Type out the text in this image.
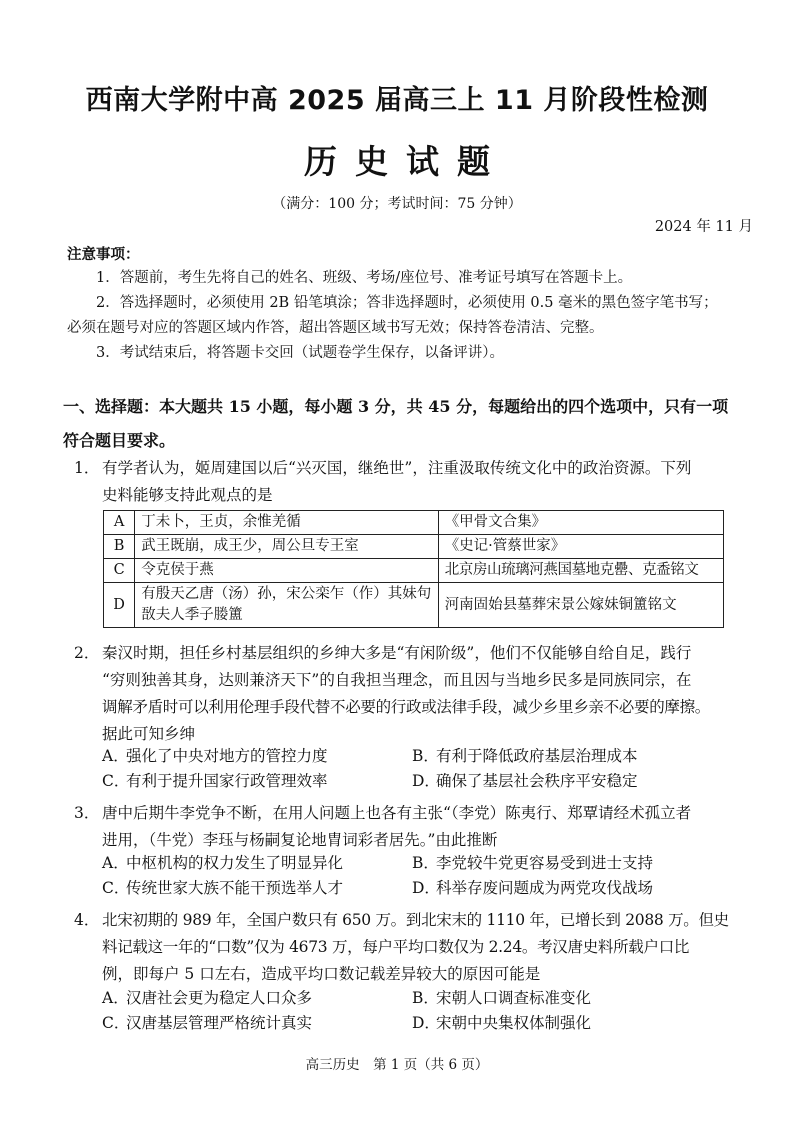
西南大学附中高 2025 届高三上 11 月阶段性检测
历史试题
（满分：100 分；考试时间：75 分钟）
2024 年 11 月
注意事项：
1．答题前，考生先将自己的姓名、班级、考场/座位号、准考证号填写在答题卡上。
2．答选择题时，必须使用 2B 铅笔填涂；答非选择题时，必须使用 0.5 毫米的黑色签字笔书写；必须在题号对应的答题区域内作答，超出答题区域书写无效；保持答卷清洁、完整。
3．考试结束后，将答题卡交回（试题卷学生保存，以备评讲）。
一、选择题：本大题共 15 小题，每小题 3 分，共 45 分，每题给出的四个选项中，只有一项符合题目要求。
1． 有学者认为，姬周建国以后“兴灭国，继绝世”，注重汲取传统文化中的政治资源。下列
史料能够支持此观点的是
A	丁未卜，王贞，余惟羌循	《甲骨文合集》
B	武王既崩，成王少，周公旦专王室	《史记·管蔡世家》
C	令克侯于燕	北京房山琉璃河燕国墓地克罍、克盉铭文
D	有殷天乙唐（汤）孙，宋公栾乍（作）其妹句敔夫人季子媵簠	河南固始县墓葬宋景公嫁妹铜簠铭文
2． 秦汉时期，担任乡村基层组织的乡绅大多是“有闲阶级”，他们不仅能够自给自足，践行
“穷则独善其身，达则兼济天下”的自我担当理念，而且因与当地乡民多是同族同宗，在
调解矛盾时可以利用伦理手段代替不必要的行政或法律手段，减少乡里乡亲不必要的摩擦。
据此可知乡绅
A．强化了中央对地方的管控力度	B．有利于降低政府基层治理成本
C．有利于提升国家行政管理效率	D．确保了基层社会秩序平安稳定
3． 唐中后期牛李党争不断，在用人问题上也各有主张“（李党）陈夷行、郑覃请经术孤立者
进用，（牛党）李珏与杨嗣复论地胄词彩者居先。”由此推断
A．中枢机构的权力发生了明显异化	B．李党较牛党更容易受到进士支持
C．传统世家大族不能干预选举人才	D．科举存废问题成为两党攻伐战场
4． 北宋初期的 989 年，全国户数只有 650 万。到北宋末的 1110 年，已增长到 2088 万。但史
料记载这一年的“口数”仅为 4673 万，每户平均口数仅为 2.24。考汉唐史料所载户口比
例，即每户 5 口左右，造成平均口数记载差异较大的原因可能是
A．汉唐社会更为稳定人口众多	B．宋朝人口调查标准变化
C．汉唐基层管理严格统计真实	D．宋朝中央集权体制强化
高三历史　第 1 页（共 6 页）
